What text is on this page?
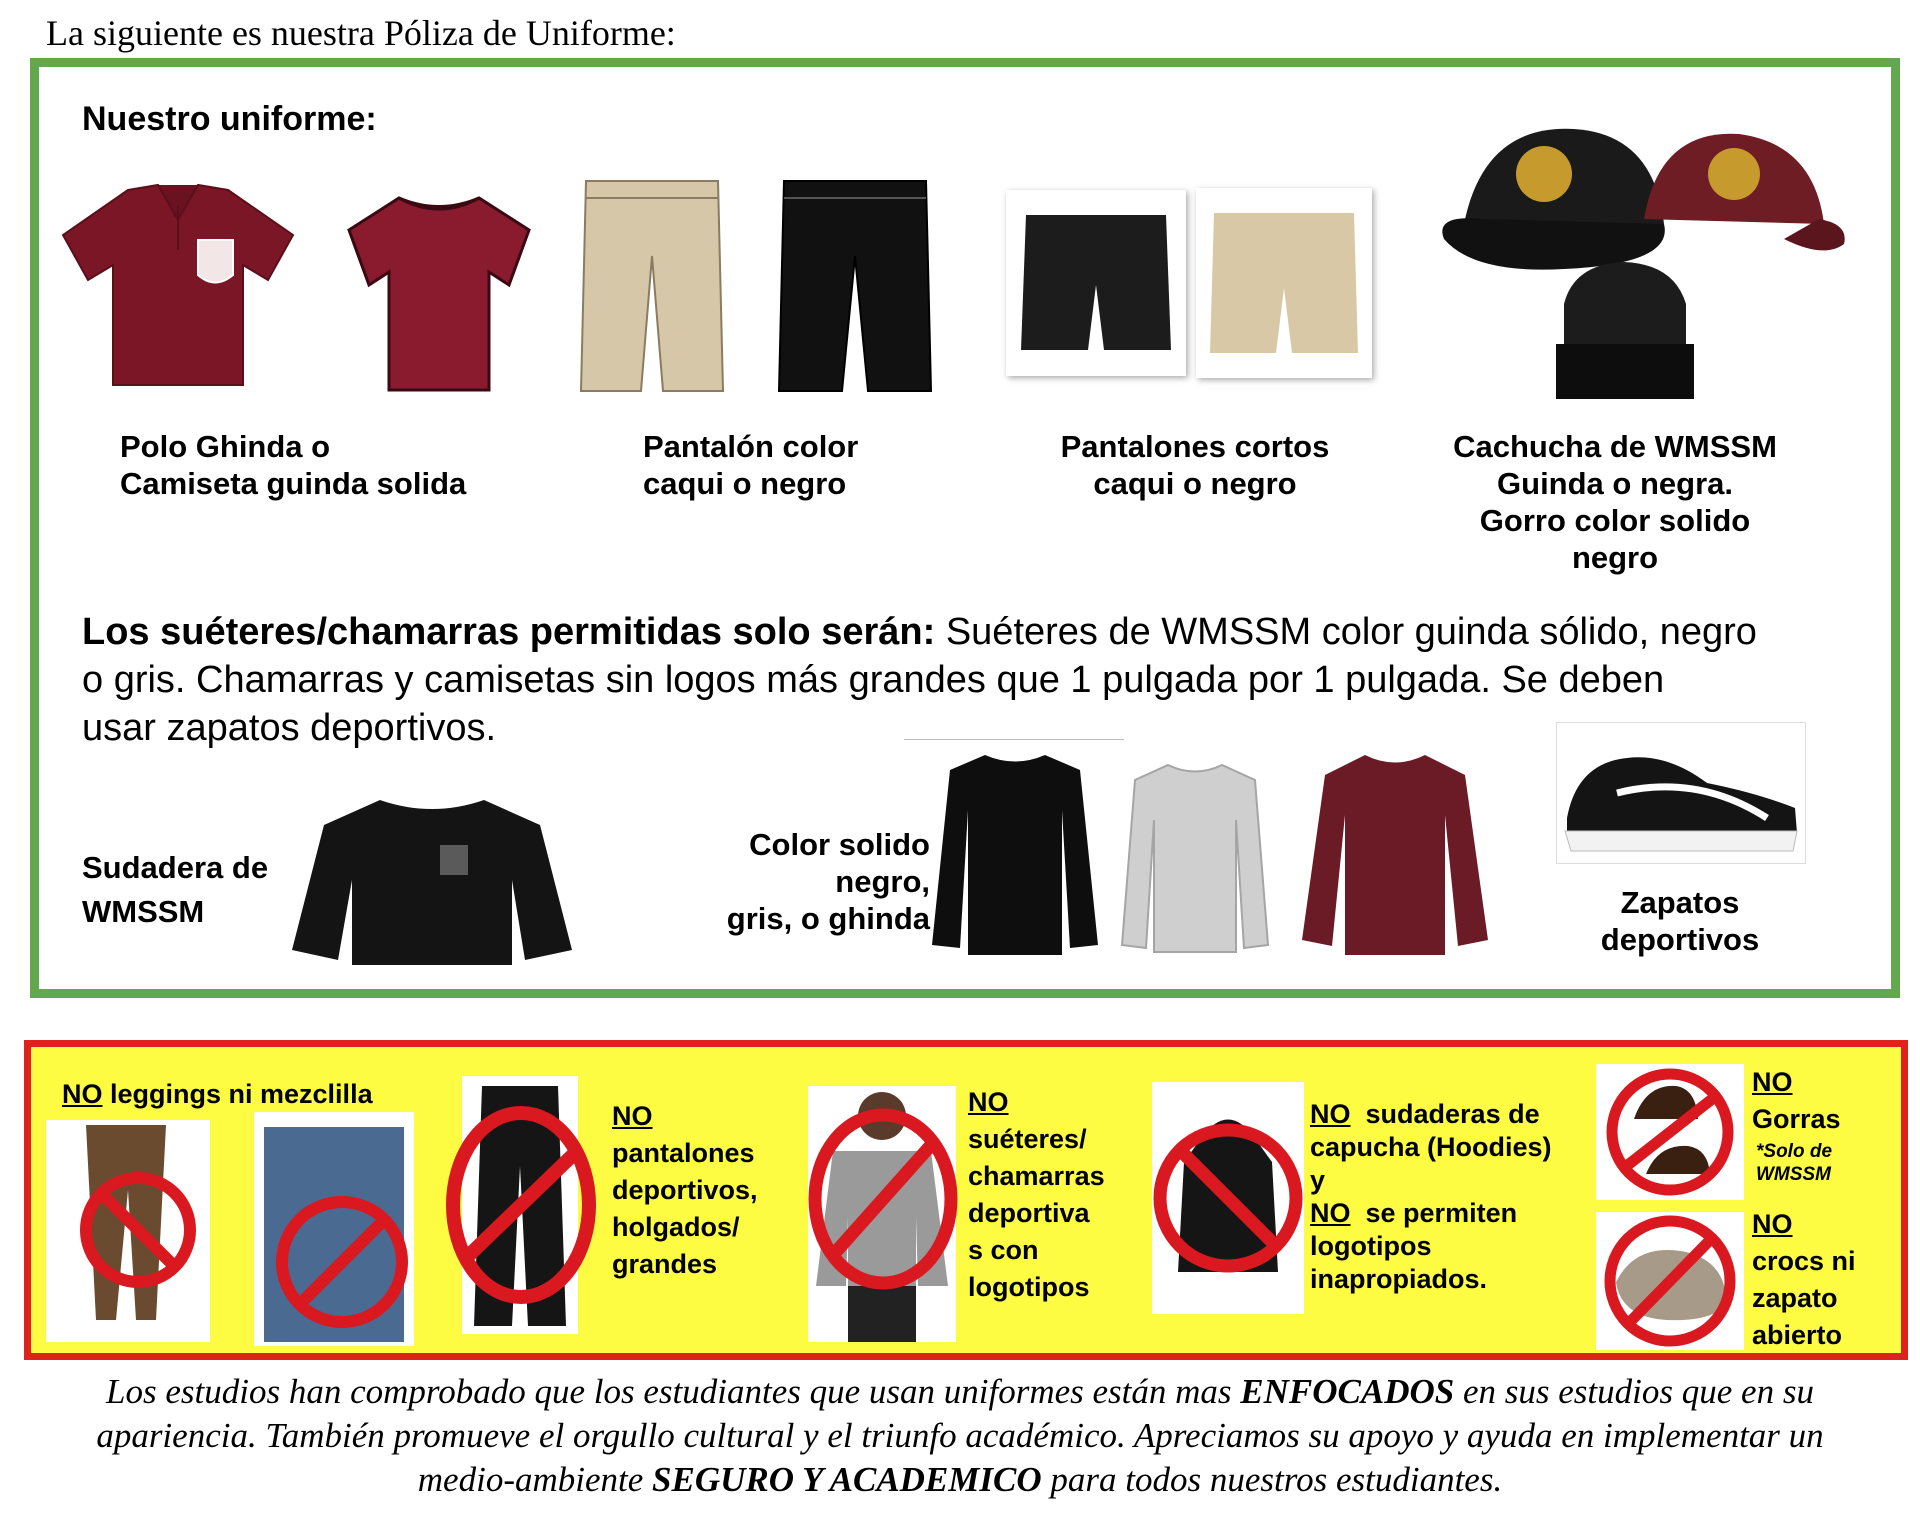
La siguiente es nuestra Póliza de Uniforme:
Nuestro uniforme:
Polo Ghinda o
Camiseta guinda solida
Pantalón color
caqui o negro
Pantalones cortos
caqui o negro
Cachucha de WMSSM
Guinda o negra.
Gorro color solido
negro
Los suéteres/chamarras permitidas solo serán: Suéteres de WMSSM color guinda sólido, negro
o gris. Chamarras y camisetas sin logos más grandes que 1 pulgada por 1 pulgada. Se deben
usar zapatos deportivos.
Sudadera de
WMSSM
Color solido negro,
gris, o ghinda	Zapatos
deportivos
NO leggings ni mezclilla
NO
pantalones
deportivos,
holgados/
grandes
NO
suéteres/
chamarras
deportiva
s con
logotipos
NO sudaderas de
capucha (Hoodies)
y
NO se permiten
logotipos
inapropiados.
NO
Gorras
*Solo de
WMSSM
NO
crocs ni
zapato
abierto
Los estudios han comprobado que los estudiantes que usan uniformes están mas ENFOCADOS en sus estudios que en su
apariencia. También promueve el orgullo cultural y el triunfo académico. Apreciamos su apoyo y ayuda en implementar un
medio-ambiente SEGURO Y ACADEMICO para todos nuestros estudiantes.
